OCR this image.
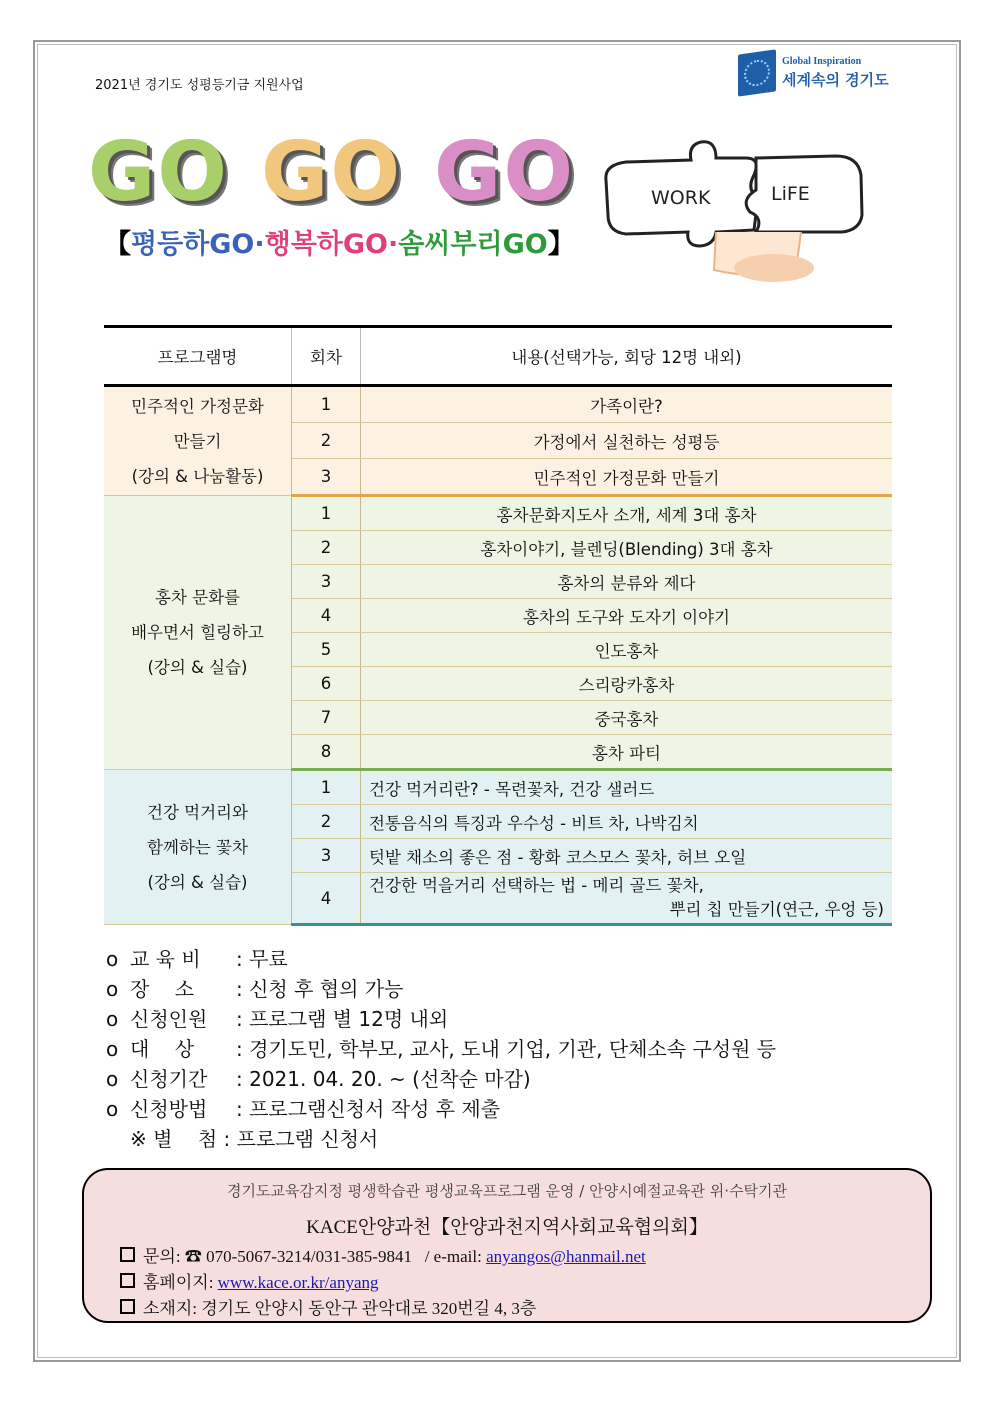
2021년 경기도 성평등기금 지원사업
Global Inspiration
세계속의 경기도
GO GO GO
【평등하GO·행복하GO·솜씨부리GO】
WORK	LiFE
프로그램명	회차	내용(선택가능, 회당 12명 내외)

민주적인 가정문화
만들기
(강의 & 나눔활동)	1	가족이란?
	2	가정에서 실천하는 성평등
	3	민주적인 가정문화 만들기

홍차 문화를
배우면서 힐링하고
(강의 & 실습)	1	홍차문화지도사 소개, 세계 3대 홍차
	2	홍차이야기, 블렌딩(Blending) 3대 홍차
	3	홍차의 분류와 제다
	4	홍차의 도구와 도자기 이야기
	5	인도홍차
	6	스리랑카홍차
	7	중국홍차
	8	홍차 파티

건강 먹거리와
함께하는 꽃차
(강의 & 실습)	1	건강 먹거리란? - 목련꽃차, 건강 샐러드
	2	전통음식의 특징과 우수성 - 비트 차, 나박김치
	3	텃밭 채소의 좋은 점 - 황화 코스모스 꽃차, 허브 오일
	4	건강한 먹을거리 선택하는 법 - 메리 골드 꽃차,
뿌리 칩 만들기(연근, 우엉 등)
o 교 육 비 : 무료
o 장    소 : 신청 후 협의 가능
o 신청인원 : 프로그램 별 12명 내외
o 대    상 : 경기도민, 학부모, 교사, 도내 기업, 기관, 단체소속 구성원 등
o 신청기간 : 2021. 04. 20. ~ (선착순 마감)
o 신청방법 : 프로그램신청서 작성 후 제출
※ 별    첨 : 프로그램 신청서
경기도교육감지정 평생학습관 평생교육프로그램 운영 / 안양시예절교육관 위·수탁기관
KACE안양과천【안양과천지역사회교육협의회】
문의: ☎ 070-5067-3214/031-385-9841 / e-mail: anyangos@hanmail.net
홈페이지: www.kace.or.kr/anyang
소재지: 경기도 안양시 동안구 관악대로 320번길 4, 3층
